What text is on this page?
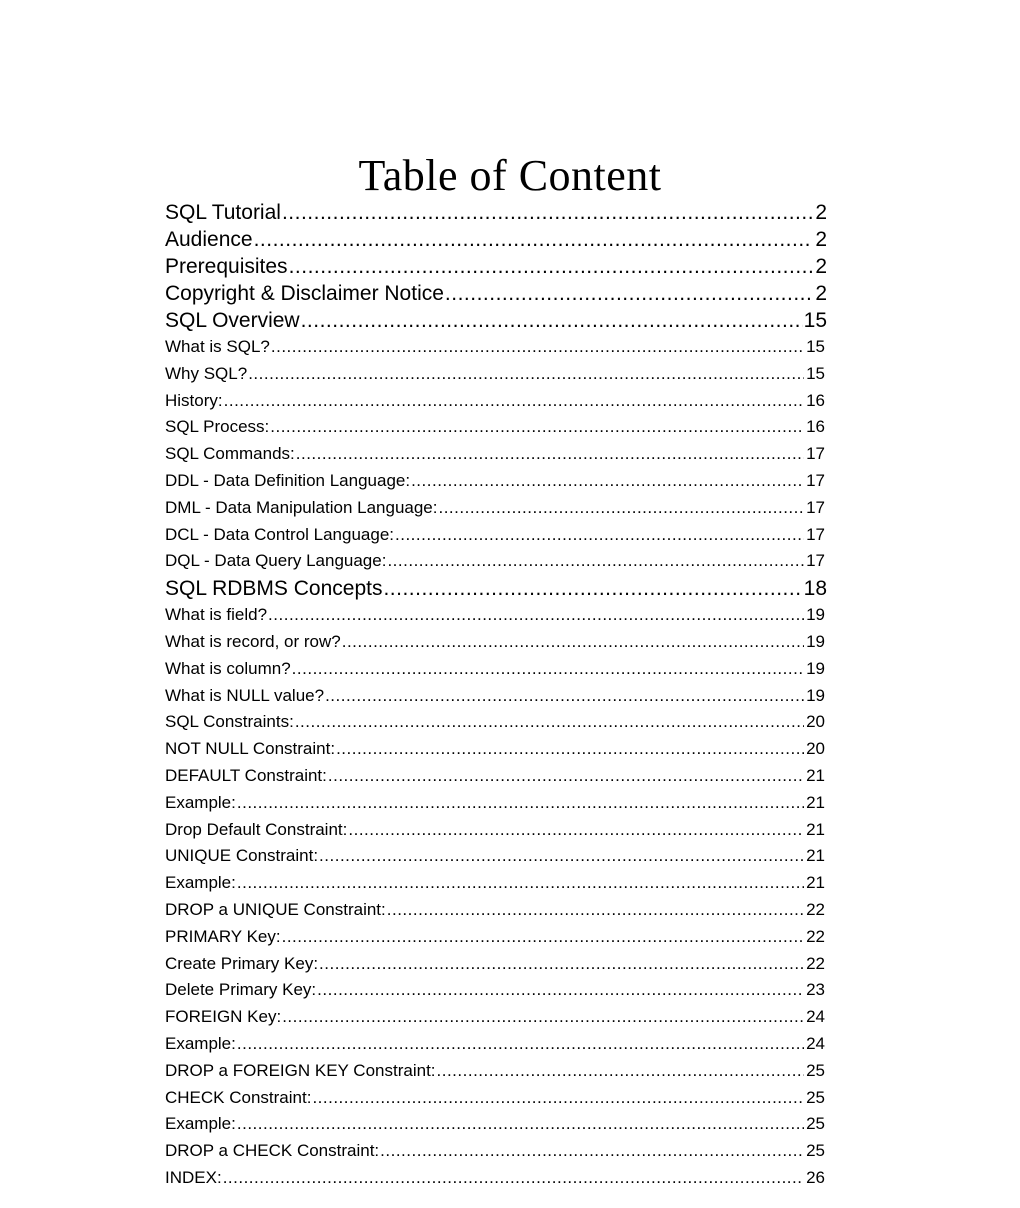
Table of Content
SQL Tutorial .....	2
Audience .....	2
Prerequisites .....	2
Copyright & Disclaimer Notice .....	2
SQL Overview .....	15
What is SQL? .....	15
Why SQL? .....	15
History: .....	16
SQL Process: .....	16
SQL Commands: .....	17
DDL - Data Definition Language: .....	17
DML - Data Manipulation Language: .....	17
DCL - Data Control Language: .....	17
DQL - Data Query Language: .....	17
SQL RDBMS Concepts .....	18
What is field? .....	19
What is record, or row? .....	19
What is column? .....	19
What is NULL value? .....	19
SQL Constraints: .....	20
NOT NULL Constraint: .....	20
DEFAULT Constraint: .....	21
Example: .....	21
Drop Default Constraint: .....	21
UNIQUE Constraint: .....	21
Example: .....	21
DROP a UNIQUE Constraint: .....	22
PRIMARY Key: .....	22
Create Primary Key: .....	22
Delete Primary Key: .....	23
FOREIGN Key: .....	24
Example: .....	24
DROP a FOREIGN KEY Constraint: .....	25
CHECK Constraint: .....	25
Example: .....	25
DROP a CHECK Constraint: .....	25
INDEX: .....	26
